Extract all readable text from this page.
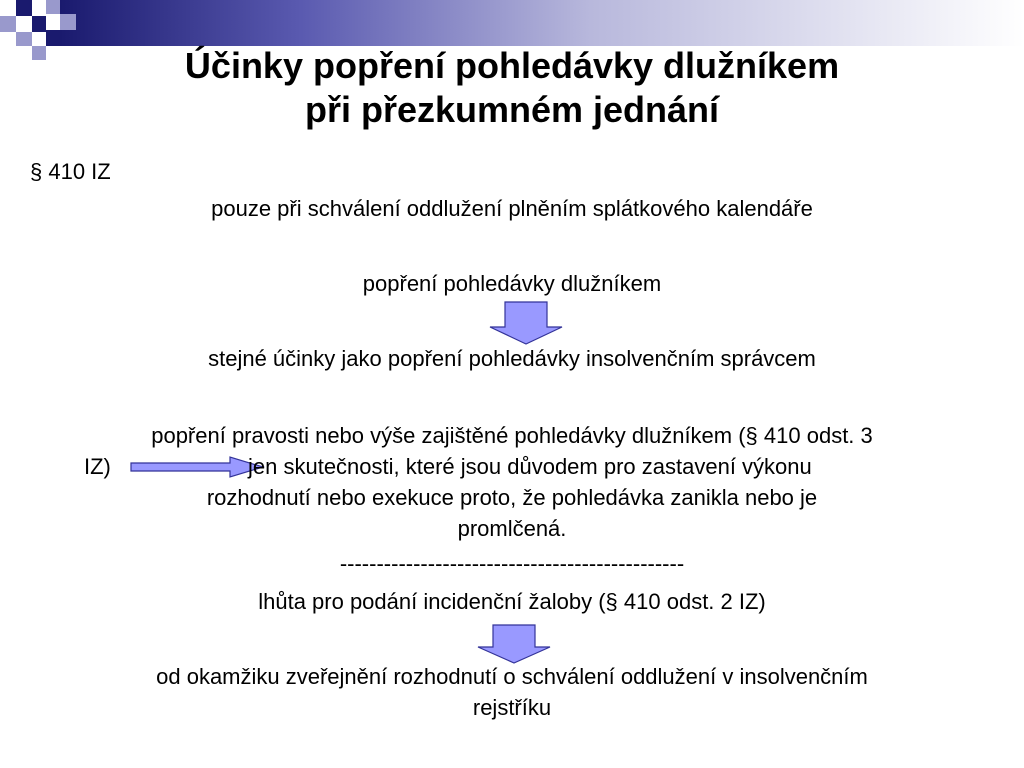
Účinky popření pohledávky dlužníkem
při přezkumném jednání
§ 410 IZ
pouze při schválení oddlužení plněním splátkového kalendáře
popření pohledávky dlužníkem
stejné účinky jako popření pohledávky insolvenčním správcem
popření pravosti nebo výše zajištěné pohledávky dlužníkem (§ 410 odst. 3
IZ)	jen skutečnosti, které jsou důvodem pro zastavení výkonu
rozhodnutí nebo exekuce proto, že pohledávka zanikla nebo je
promlčená.
-----------------------------------------------
lhůta pro podání incidenční žaloby (§ 410 odst. 2 IZ)
od okamžiku zveřejnění rozhodnutí o schválení oddlužení v insolvenčním
rejstříku
